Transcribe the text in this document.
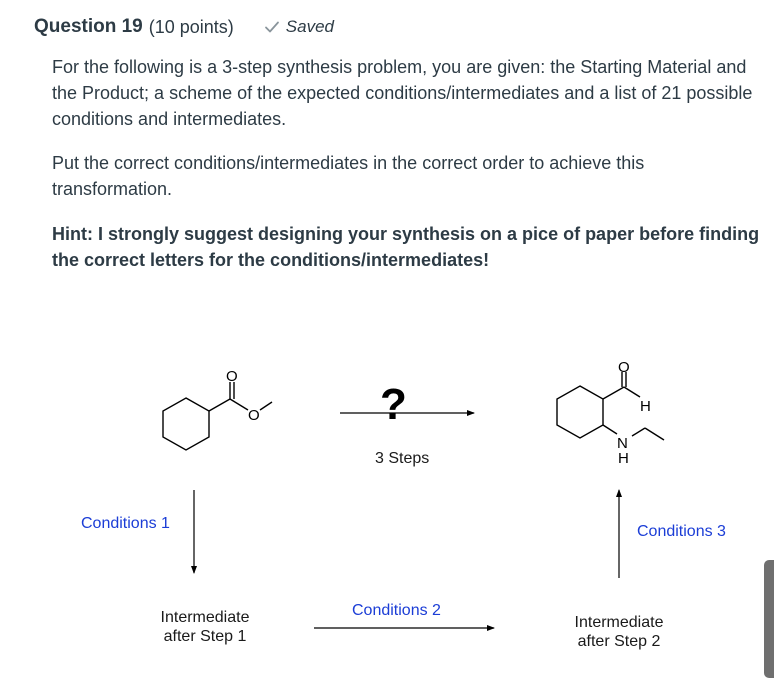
Question 19 (10 points)	Saved
For the following is a 3-step synthesis problem, you are given: the Starting Material and the Product; a scheme of the expected conditions/intermediates and a list of 21 possible conditions and intermediates.
Put the correct conditions/intermediates in the correct order to achieve this transformation.
Hint: I strongly suggest designing your synthesis on a pice of paper before finding the correct letters for the conditions/intermediates!
O
O
O
H
N
H
?
3 Steps
Conditions 1
Conditions 2
Conditions 3
Intermediate
after Step 1
Intermediate
after Step 2
